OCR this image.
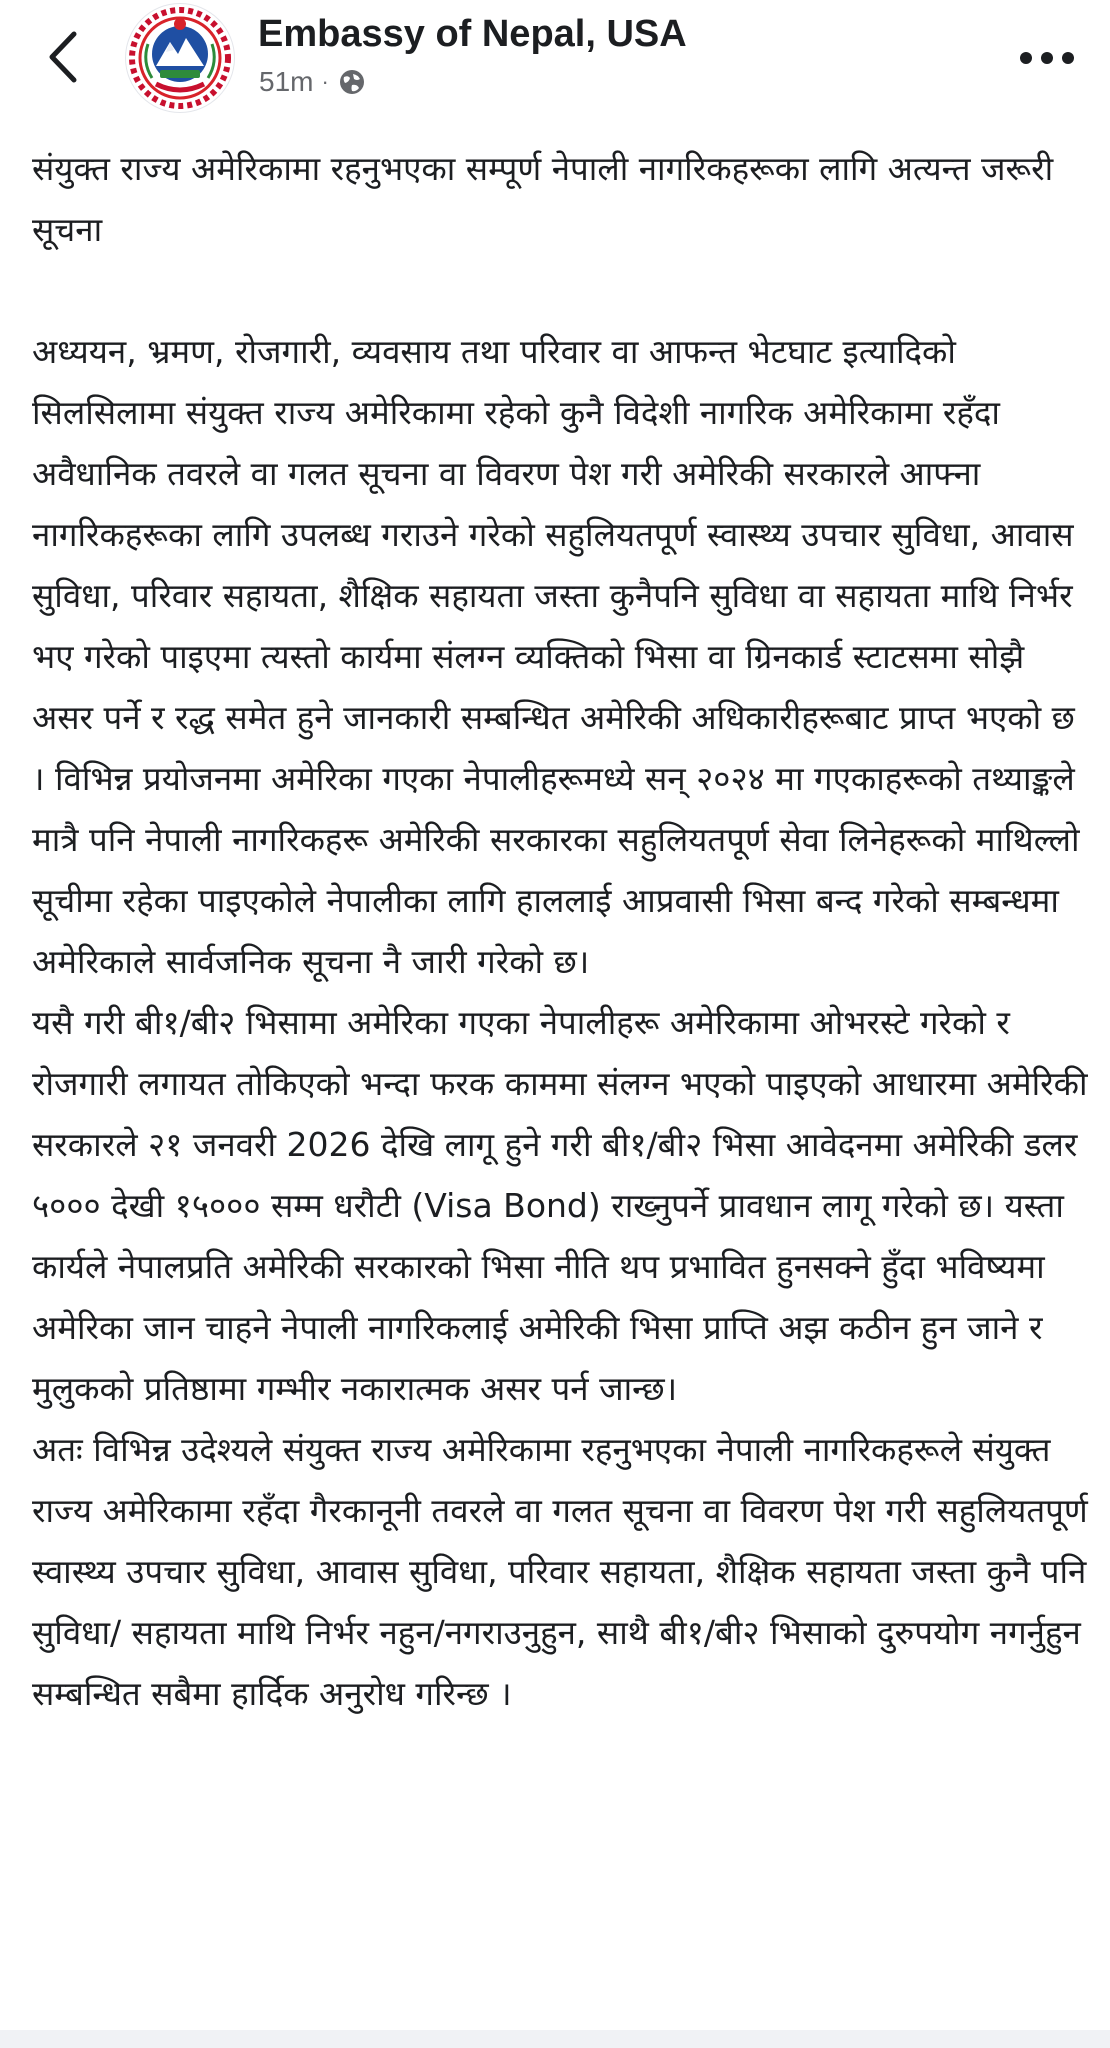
Embassy of Nepal, USA
51m ·

संयुक्त राज्य अमेरिकामा रहनुभएका सम्पूर्ण नेपाली नागरिकहरूका लागि अत्यन्त जरूरी सूचना

अध्ययन, भ्रमण, रोजगारी, व्यवसाय तथा परिवार वा आफन्त भेटघाट इत्यादिको सिलसिलामा संयुक्त राज्य अमेरिकामा रहेको कुनै विदेशी नागरिक अमेरिकामा रहँदा अवैधानिक तवरले वा गलत सूचना वा विवरण पेश गरी अमेरिकी सरकारले आफ्ना नागरिकहरूका लागि उपलब्ध गराउने गरेको सहुलियतपूर्ण स्वास्थ्य उपचार सुविधा, आवास सुविधा, परिवार सहायता, शैक्षिक सहायता जस्ता कुनैपनि सुविधा वा सहायता माथि निर्भर भए गरेको पाइएमा त्यस्तो कार्यमा संलग्न व्यक्तिको भिसा वा ग्रिनकार्ड स्टाटसमा सोझै असर पर्ने र रद्ध समेत हुने जानकारी सम्बन्धित अमेरिकी अधिकारीहरूबाट प्राप्त भएको छ । विभिन्न प्रयोजनमा अमेरिका गएका नेपालीहरूमध्ये सन् २०२४ मा गएकाहरूको तथ्याङ्कले मात्रै पनि नेपाली नागरिकहरू अमेरिकी सरकारका सहुलियतपूर्ण सेवा लिनेहरूको माथिल्लो सूचीमा रहेका पाइएकोले नेपालीका लागि हाललाई आप्रवासी भिसा बन्द गरेको सम्बन्धमा अमेरिकाले सार्वजनिक सूचना नै जारी गरेको छ।

यसै गरी बी१/बी२ भिसामा अमेरिका गएका नेपालीहरू अमेरिकामा ओभरस्टे गरेको र रोजगारी लगायत तोकिएको भन्दा फरक काममा संलग्न भएको पाइएको आधारमा अमेरिकी सरकारले २१ जनवरी 2026 देखि लागू हुने गरी बी१/बी२ भिसा आवेदनमा अमेरिकी डलर ५००० देखी १५००० सम्म धरौटी (Visa Bond) राख्नुपर्ने प्रावधान लागू गरेको छ। यस्ता कार्यले नेपालप्रति अमेरिकी सरकारको भिसा नीति थप प्रभावित हुनसक्ने हुँदा भविष्यमा अमेरिका जान चाहने नेपाली नागरिकलाई अमेरिकी भिसा प्राप्ति अझ कठीन हुन जाने र मुलुकको प्रतिष्ठामा गम्भीर नकारात्मक असर पर्न जान्छ।

अतः विभिन्न उदेश्यले संयुक्त राज्य अमेरिकामा रहनुभएका नेपाली नागरिकहरूले संयुक्त राज्य अमेरिकामा रहँदा गैरकानूनी तवरले वा गलत सूचना वा विवरण पेश गरी सहुलियतपूर्ण स्वास्थ्य उपचार सुविधा, आवास सुविधा, परिवार सहायता, शैक्षिक सहायता जस्ता कुनै पनि सुविधा/ सहायता माथि निर्भर नहुन/नगराउनुहुन, साथै बी१/बी२ भिसाको दुरुपयोग नगर्नुहुन सम्बन्धित सबैमा हार्दिक अनुरोध गरिन्छ ।
